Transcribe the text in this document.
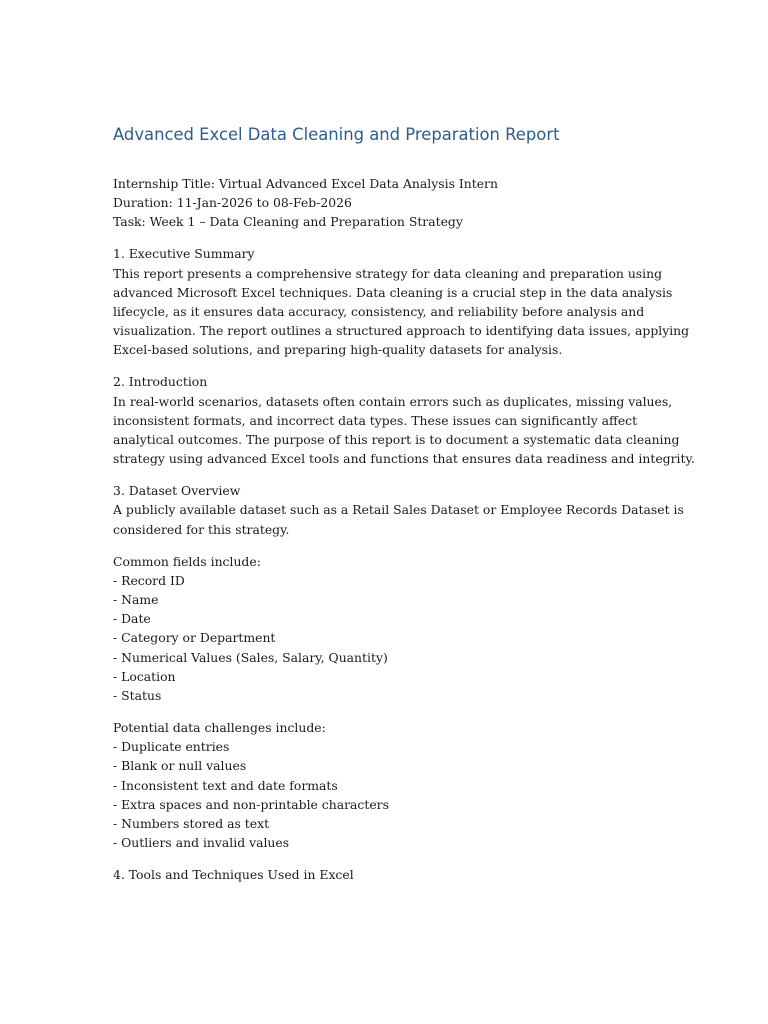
Advanced Excel Data Cleaning and Preparation Report
Internship Title: Virtual Advanced Excel Data Analysis Intern
Duration: 11-Jan-2026 to 08-Feb-2026
Task: Week 1 – Data Cleaning and Preparation Strategy
1. Executive Summary
This report presents a comprehensive strategy for data cleaning and preparation using
advanced Microsoft Excel techniques. Data cleaning is a crucial step in the data analysis
lifecycle, as it ensures data accuracy, consistency, and reliability before analysis and
visualization. The report outlines a structured approach to identifying data issues, applying
Excel-based solutions, and preparing high-quality datasets for analysis.
2. Introduction
In real-world scenarios, datasets often contain errors such as duplicates, missing values,
inconsistent formats, and incorrect data types. These issues can significantly affect
analytical outcomes. The purpose of this report is to document a systematic data cleaning
strategy using advanced Excel tools and functions that ensures data readiness and integrity.
3. Dataset Overview
A publicly available dataset such as a Retail Sales Dataset or Employee Records Dataset is
considered for this strategy.
Common fields include:
- Record ID
- Name
- Date
- Category or Department
- Numerical Values (Sales, Salary, Quantity)
- Location
- Status
Potential data challenges include:
- Duplicate entries
- Blank or null values
- Inconsistent text and date formats
- Extra spaces and non-printable characters
- Numbers stored as text
- Outliers and invalid values
4. Tools and Techniques Used in Excel
